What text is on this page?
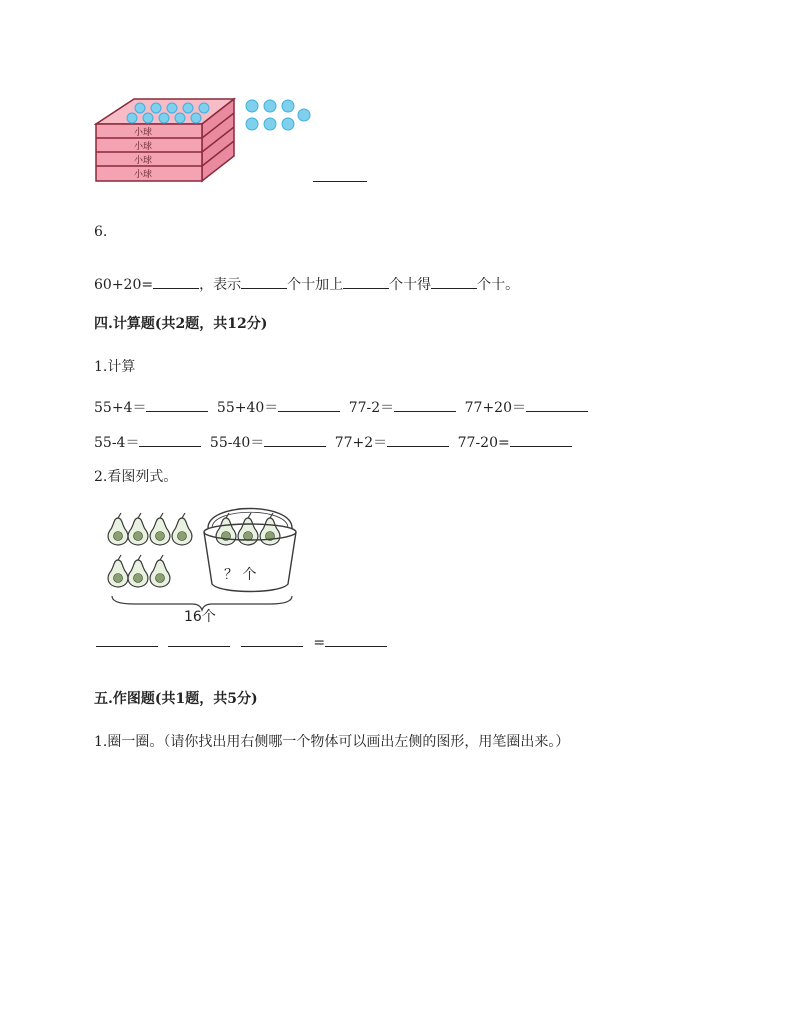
小球
小球
小球
小球
6.
60+20=	，表示	个十加上	个十得	个十。
四.计算题(共2题，共12分)
1.计算
55+4＝	55+40＝	77-2＝	77+20＝
55-4＝	55-40＝	77+2＝	77-20=
2.看图列式。
？ 个
16个
=
五.作图题(共1题，共5分)
1.圈一圈。（请你找出用右侧哪一个物体可以画出左侧的图形，用笔圈出来。）
